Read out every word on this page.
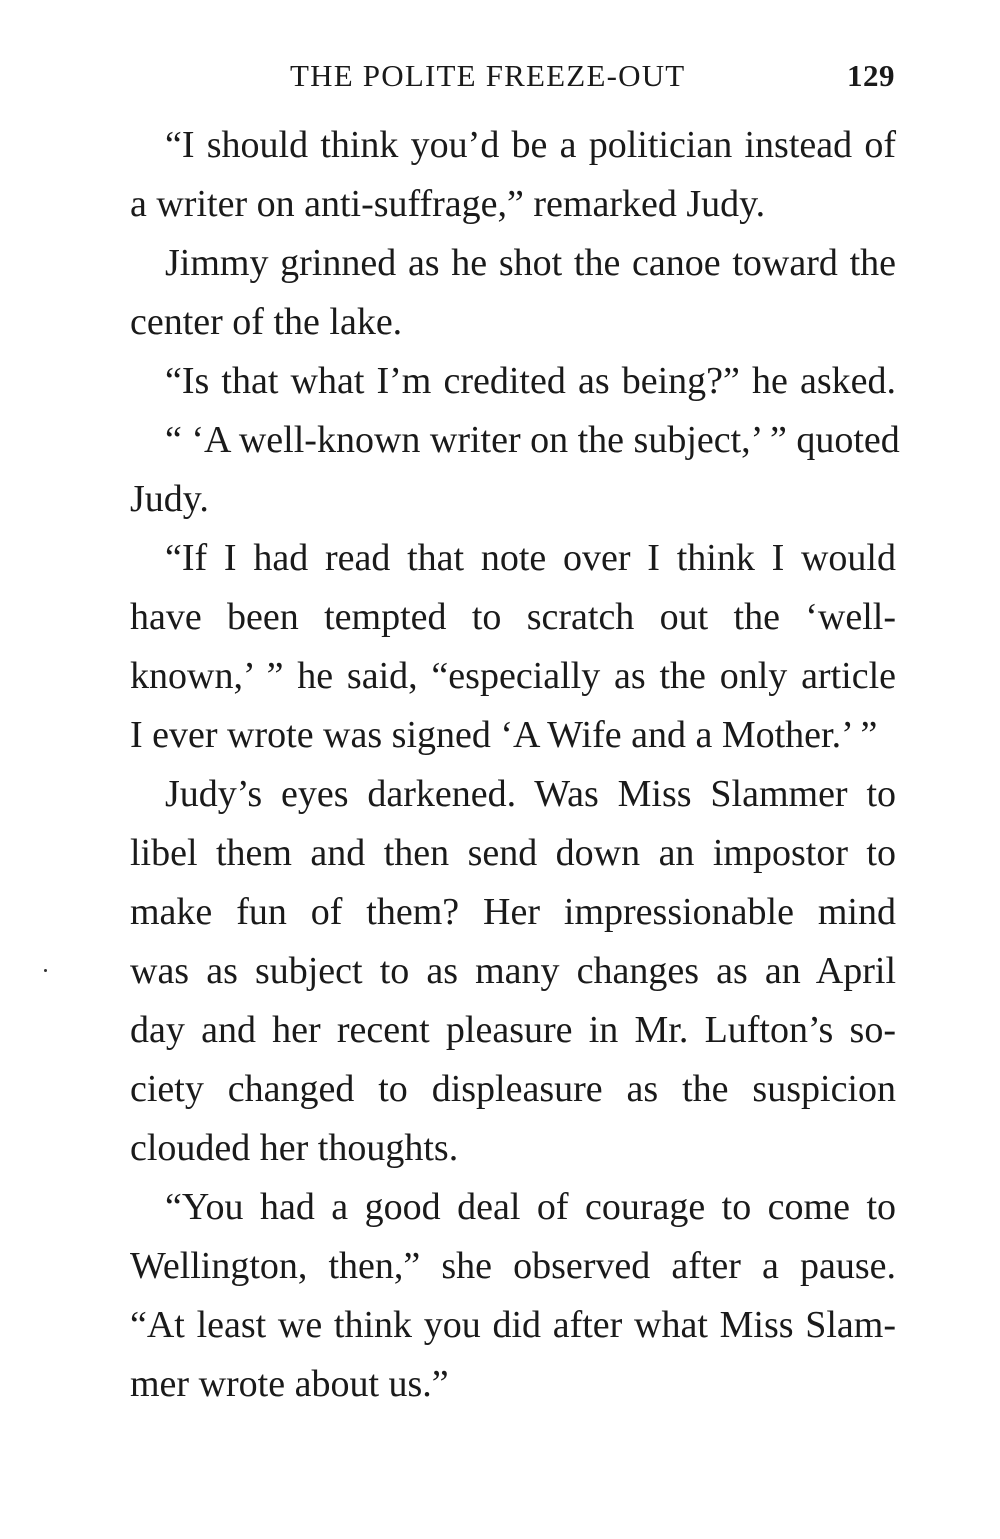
THE POLITE FREEZE-OUT	129
“I should think you’d be a politician instead of
a writer on anti-suffrage,” remarked Judy.
Jimmy grinned as he shot the canoe toward the
center of the lake.
“Is that what I’m credited as being?” he asked.
“ ‘A well-known writer on the subject,’ ” quoted
Judy.
“If I had read that note over I think I would
have been tempted to scratch out the ‘well-
known,’ ” he said, “especially as the only article
I ever wrote was signed ‘A Wife and a Mother.’ ”
Judy’s eyes darkened. Was Miss Slammer to
libel them and then send down an impostor to
make fun of them? Her impressionable mind
was as subject to as many changes as an April
day and her recent pleasure in Mr. Lufton’s so-
ciety changed to displeasure as the suspicion
clouded her thoughts.
“You had a good deal of courage to come to
Wellington, then,” she observed after a pause.
“At least we think you did after what Miss Slam-
mer wrote about us.”
